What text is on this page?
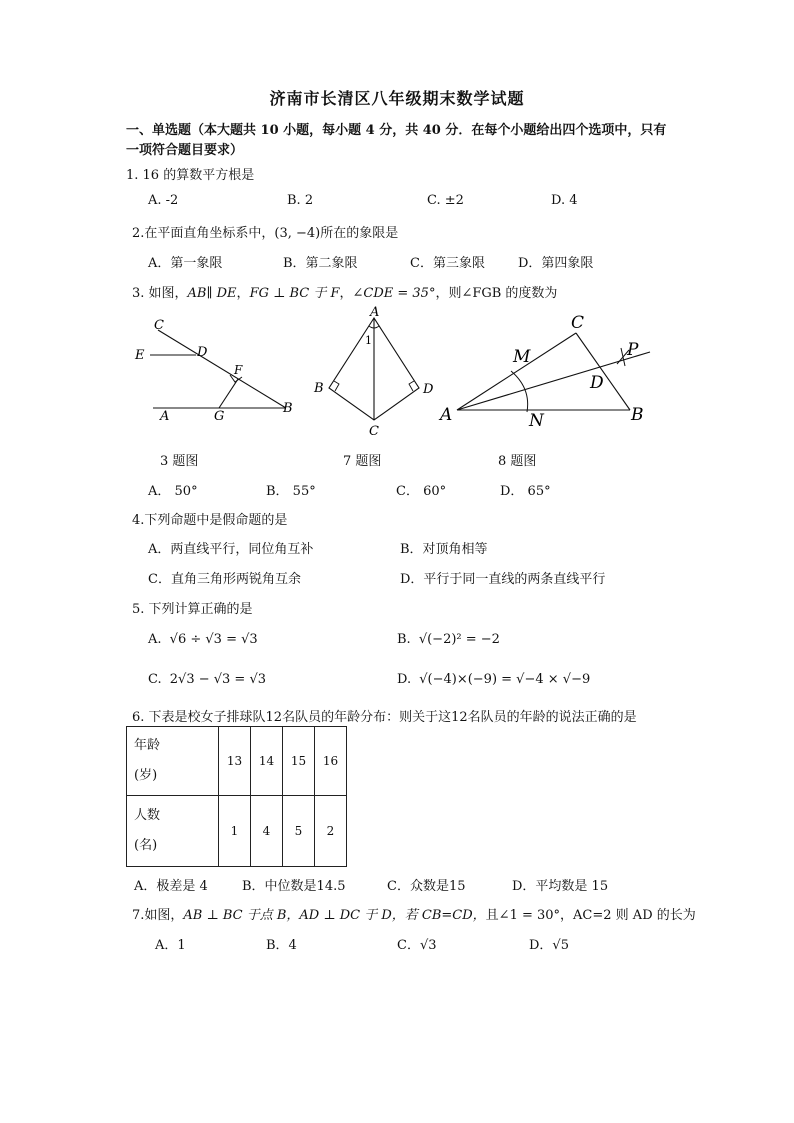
济南市长清区八年级期末数学试题
一、单选题（本大题共 10 小题，每小题 4 分，共 40 分．在每个小题给出四个选项中，只有
一项符合题目要求）
1. 16 的算数平方根是
A. -2	B. 2	C. ±2	D. 4
2.在平面直角坐标系中，(3, −4)所在的象限是
A．第一象限	B．第二象限	C．第三象限	D．第四象限
3. 如图，AB∥ DE，FG ⊥ BC 于 F，∠CDE = 35°，则∠FGB 的度数为
C
E	D
F
A	G
B
3 题图
A
1
B	D
C
7 题图
C
M	P
D
A	N	B
8 题图
A． 50°	B． 55°	C． 60°	D． 65°
4.下列命题中是假命题的是
A．两直线平行，同位角互补	B．对顶角相等
C．直角三角形两锐角互余	D．平行于同一直线的两条直线平行
5. 下列计算正确的是
A. √6 ÷ √3 = √3	B. √(−2)² = −2
C. 2√3 − √3 = √3	D. √(−4)×(−9) = √−4 × √−9
6. 下表是校女子排球队12名队员的年龄分布：则关于这12名队员的年龄的说法正确的是
年龄
(岁)	13	14	15	16

人数
(名)	1	4	5	2
A．极差是 4	B．中位数是14.5	C．众数是15	D．平均数是 15
7.如图，AB ⊥ BC 于点 B，AD ⊥ DC 于 D，若 CB=CD，且∠1 = 30°，AC=2 则 AD 的长为
A．1	B．4	C．√3	D．√5
